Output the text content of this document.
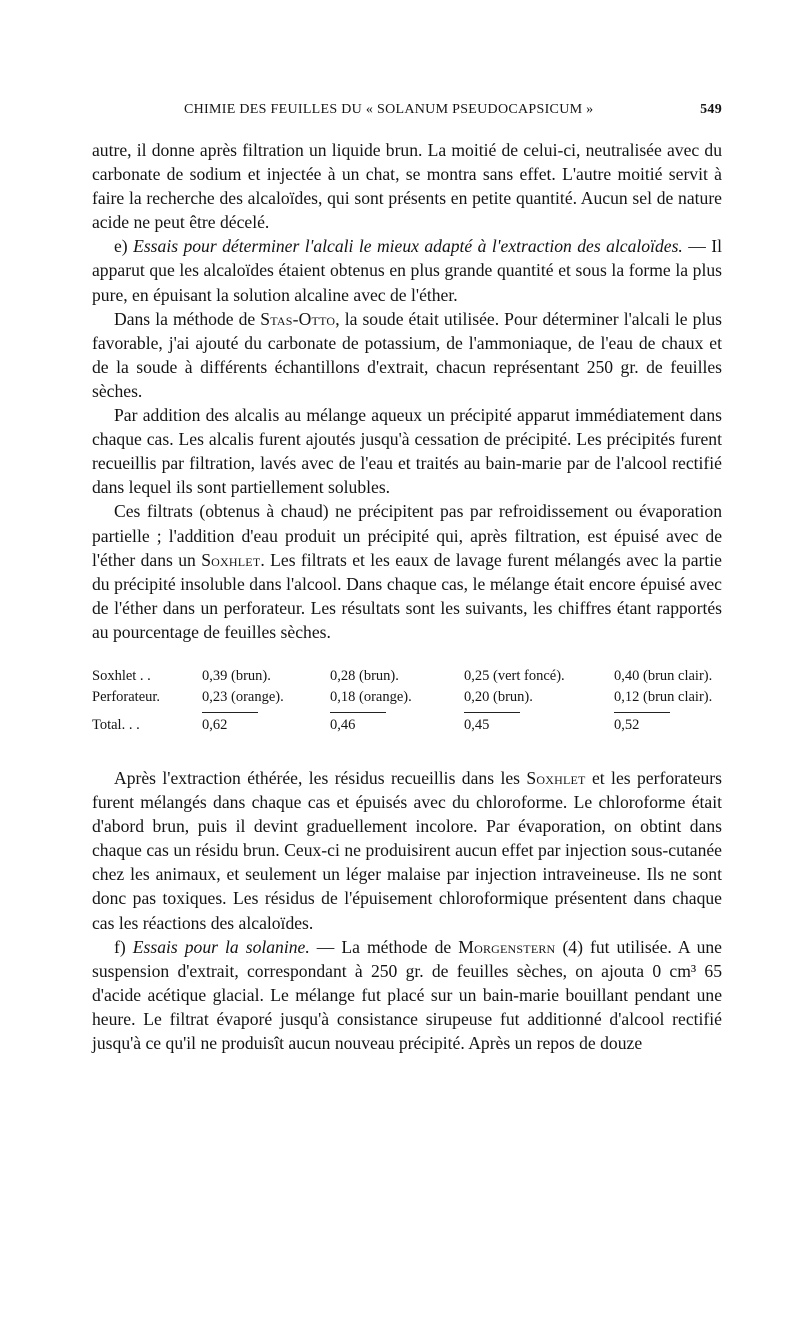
CHIMIE DES FEUILLES DU « SOLANUM PSEUDOCAPSICUM »	549

autre, il donne après filtration un liquide brun. La moitié de celui-ci, neutralisée avec du carbonate de sodium et injectée à un chat, se montra sans effet. L'autre moitié servit à faire la recherche des alcaloïdes, qui sont présents en petite quantité. Aucun sel de nature acide ne peut être décelé.

e) Essais pour déterminer l'alcali le mieux adapté à l'extraction des alcaloïdes. — Il apparut que les alcaloïdes étaient obtenus en plus grande quantité et sous la forme la plus pure, en épuisant la solution alcaline avec de l'éther.

Dans la méthode de Stas-Otto, la soude était utilisée. Pour déterminer l'alcali le plus favorable, j'ai ajouté du carbonate de potassium, de l'ammoniaque, de l'eau de chaux et de la soude à différents échantillons d'extrait, chacun représentant 250 gr. de feuilles sèches.

Par addition des alcalis au mélange aqueux un précipité apparut immédiatement dans chaque cas. Les alcalis furent ajoutés jusqu'à cessation de précipité. Les précipités furent recueillis par filtration, lavés avec de l'eau et traités au bain-marie par de l'alcool rectifié dans lequel ils sont partiellement solubles.

Ces filtrats (obtenus à chaud) ne précipitent pas par refroidissement ou évaporation partielle ; l'addition d'eau produit un précipité qui, après filtration, est épuisé avec de l'éther dans un Soxhlet. Les filtrats et les eaux de lavage furent mélangés avec la partie du précipité insoluble dans l'alcool. Dans chaque cas, le mélange était encore épuisé avec de l'éther dans un perforateur. Les résultats sont les suivants, les chiffres étant rapportés au pourcentage de feuilles sèches.

Soxhlet . .	0,39 (brun).	0,28 (brun).	0,25 (vert foncé).	0,40 (brun clair).
Perforateur.	0,23 (orange).	0,18 (orange).	0,20 (brun).	0,12 (brun clair).

Total. . .	0,62	0,46	0,45	0,52

Après l'extraction éthérée, les résidus recueillis dans les Soxhlet et les perforateurs furent mélangés dans chaque cas et épuisés avec du chloroforme. Le chloroforme était d'abord brun, puis il devint graduellement incolore. Par évaporation, on obtint dans chaque cas un résidu brun. Ceux-ci ne produisirent aucun effet par injection sous-cutanée chez les animaux, et seulement un léger malaise par injection intraveineuse. Ils ne sont donc pas toxiques. Les résidus de l'épuisement chloroformique présentent dans chaque cas les réactions des alcaloïdes.

f) Essais pour la solanine. — La méthode de Morgenstern (4) fut utilisée. A une suspension d'extrait, correspondant à 250 gr. de feuilles sèches, on ajouta 0 cm³ 65 d'acide acétique glacial. Le mélange fut placé sur un bain-marie bouillant pendant une heure. Le filtrat évaporé jusqu'à consistance sirupeuse fut additionné d'alcool rectifié jusqu'à ce qu'il ne produisît aucun nouveau précipité. Après un repos de douze
